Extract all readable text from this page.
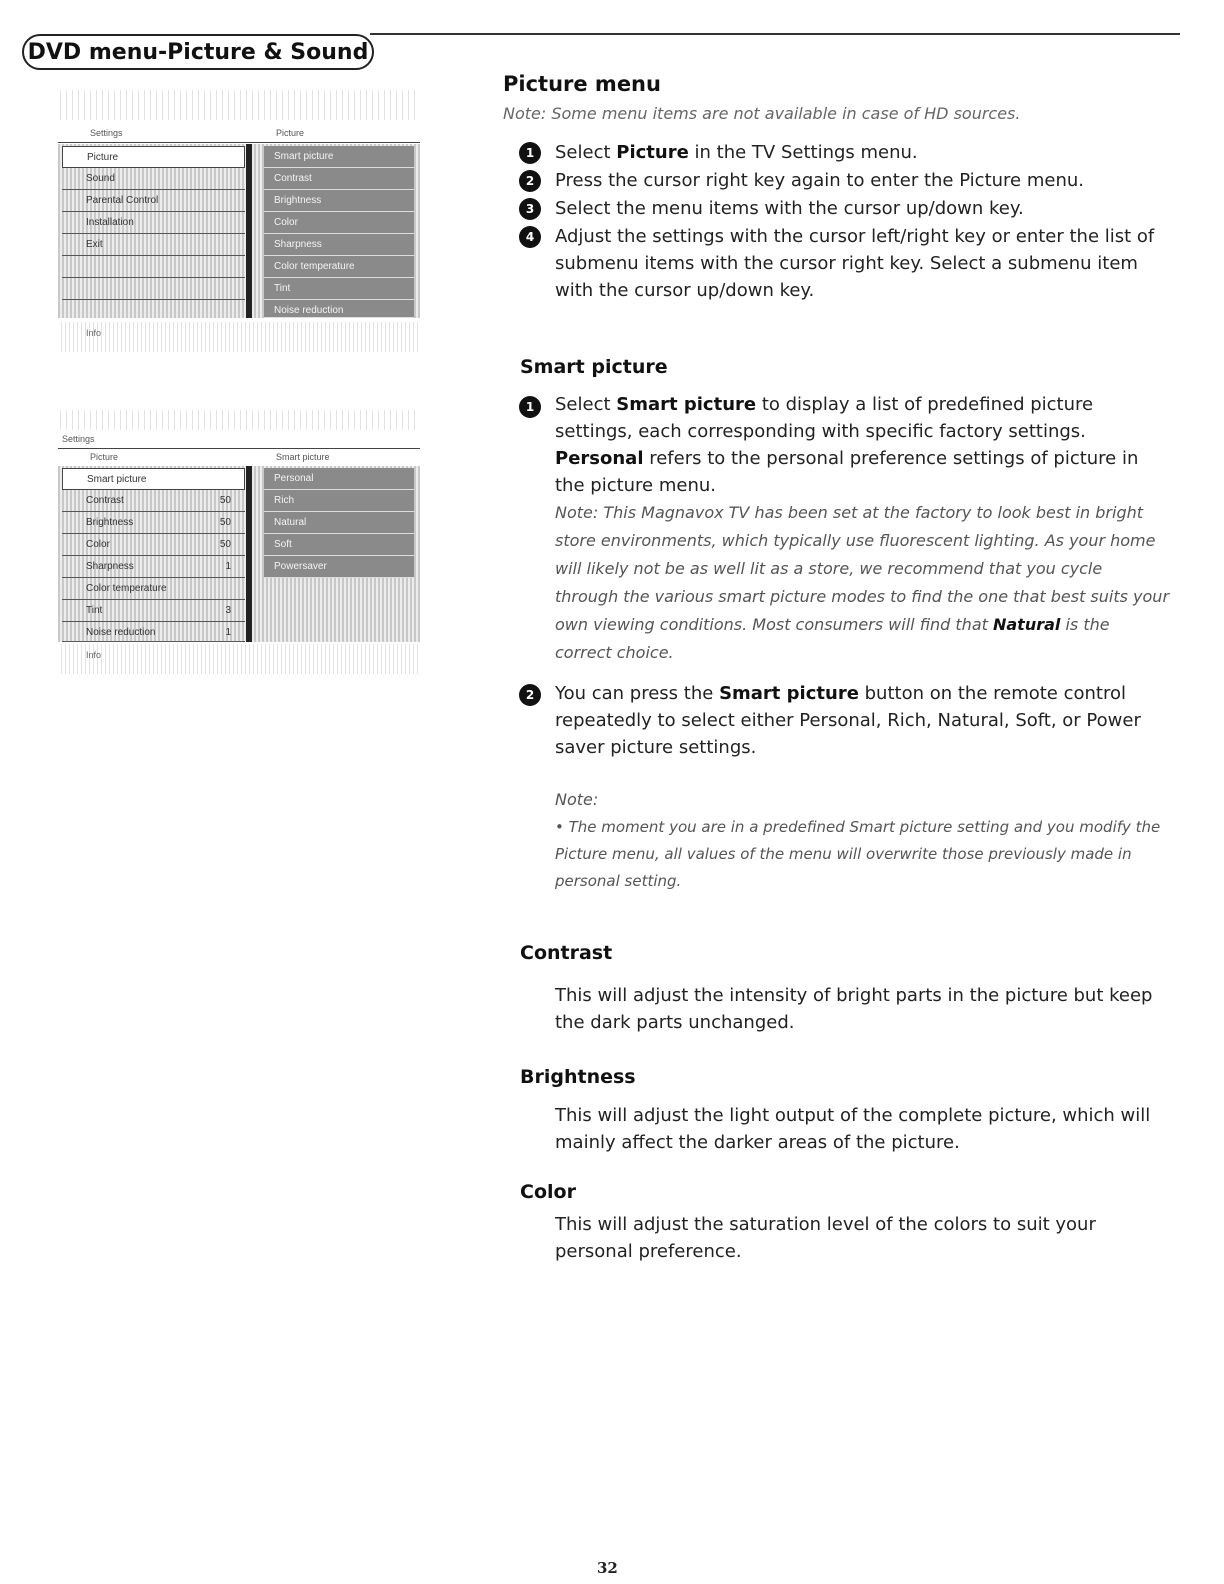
DVD menu-Picture & Sound
Settings	Picture
Picture
Sound
Parental Control
Installation
Exit
Smart picture
Contrast
Brightness
Color
Sharpness
Color temperature
Tint
Noise reduction
Info
Settings
Picture	Smart picture
Smart picture
Contrast	50
Brightness	50
Color	50
Sharpness	1
Color temperature
Tint	3
Noise reduction	1
Personal
Rich
Natural
Soft
Powersaver
Info
Picture menu
Note: Some menu items are not available in case of HD sources.
1	Select Picture in the TV Settings menu.

2	Press the cursor right key again to enter the Picture menu.

3	Select the menu items with the cursor up/down key.

4	Adjust the settings with the cursor left/right key or enter the list of submenu items with the cursor right key. Select a submenu item with the cursor up/down key.

Smart picture
1	Select Smart picture to display a list of predefined picture settings, each corresponding with specific factory settings.

Personal refers to the personal preference settings of picture in the picture menu.

Note: This Magnavox TV has been set at the factory to look best in bright store environments, which typically use fluorescent lighting. As your home will likely not be as well lit as a store, we recommend that you cycle through the various smart picture modes to find the one that best suits your own viewing conditions. Most consumers will find that Natural is the correct choice.

2	You can press the Smart picture button on the remote control repeatedly to select either Personal, Rich, Natural, Soft, or Power saver picture settings.

Note:

• The moment you are in a predefined Smart picture setting and you modify the Picture menu, all values of the menu will overwrite those previously made in personal setting.

Contrast

This will adjust the intensity of bright parts in the picture but keep the dark parts unchanged.

Brightness

This will adjust the light output of the complete picture, which will mainly affect the darker areas of the picture.

Color

This will adjust the saturation level of the colors to suit your personal preference.

32
